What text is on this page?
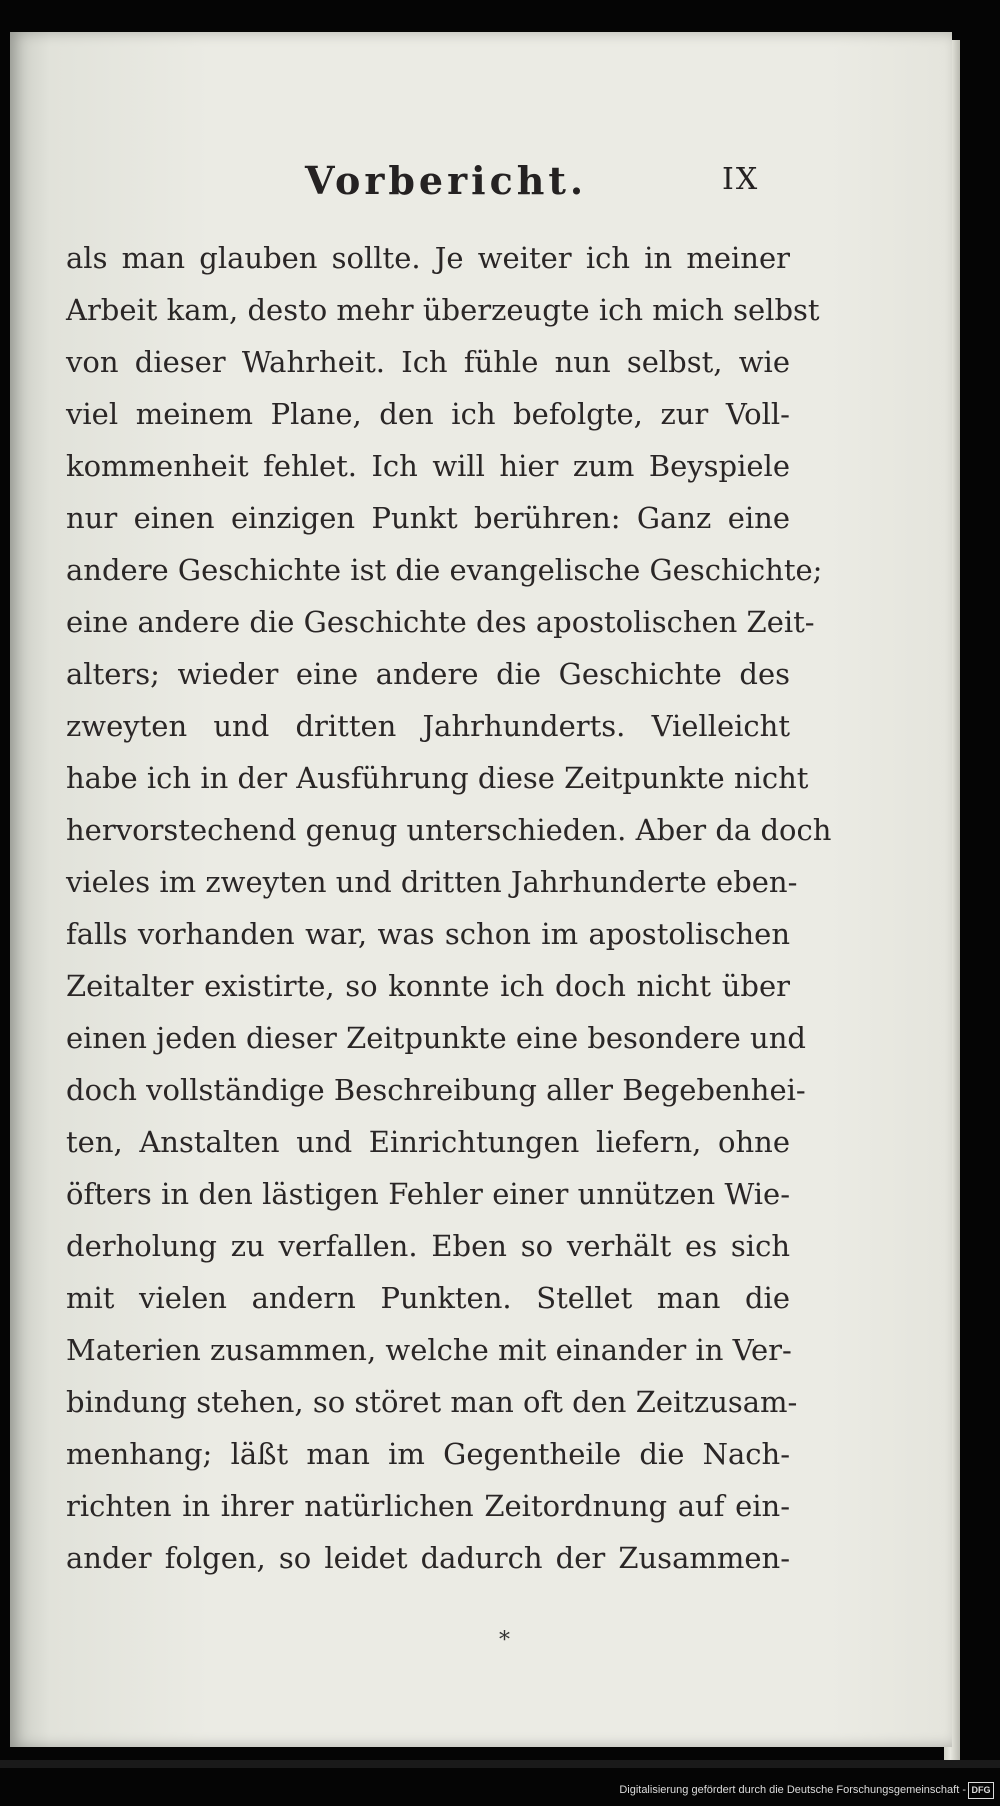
Vorbericht.	IX
als man glauben sollte. Je weiter ich in meiner
Arbeit kam, desto mehr überzeugte ich mich selbst
von dieser Wahrheit. Ich fühle nun selbst, wie
viel meinem Plane, den ich befolgte, zur Voll-
kommenheit fehlet. Ich will hier zum Beyspiele
nur einen einzigen Punkt berühren: Ganz eine
andere Geschichte ist die evangelische Geschichte;
eine andere die Geschichte des apostolischen Zeit-
alters; wieder eine andere die Geschichte des
zweyten und dritten Jahrhunderts. Vielleicht
habe ich in der Ausführung diese Zeitpunkte nicht
hervorstechend genug unterschieden. Aber da doch
vieles im zweyten und dritten Jahrhunderte eben-
falls vorhanden war, was schon im apostolischen
Zeitalter existirte, so konnte ich doch nicht über
einen jeden dieser Zeitpunkte eine besondere und
doch vollständige Beschreibung aller Begebenhei-
ten, Anstalten und Einrichtungen liefern, ohne
öfters in den lästigen Fehler einer unnützen Wie-
derholung zu verfallen. Eben so verhält es sich
mit vielen andern Punkten. Stellet man die
Materien zusammen, welche mit einander in Ver-
bindung stehen, so störet man oft den Zeitzusam-
menhang; läßt man im Gegentheile die Nach-
richten in ihrer natürlichen Zeitordnung auf ein-
ander folgen, so leidet dadurch der Zusammen-
*
Digitalisierung gefördert durch die Deutsche Forschungsgemeinschaft - DFG
